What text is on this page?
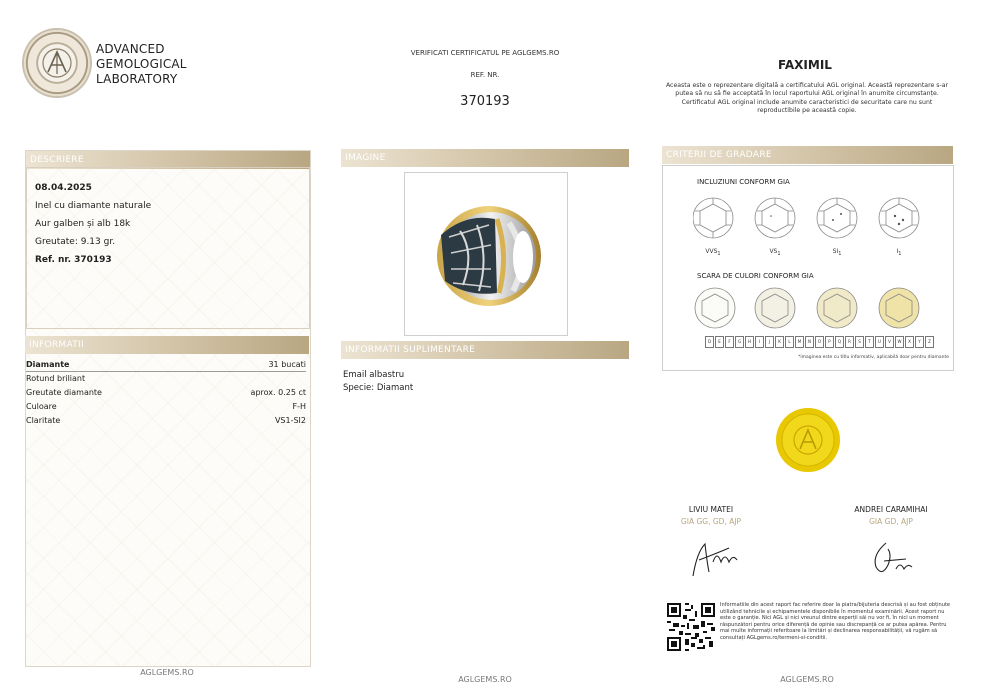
ADVANCED
GEMOLOGICAL
LABORATORY
VERIFICATI CERTIFICATUL PE AGLGEMS.RO
REF. NR.
370193
FAXIMIL
Aceasta este o reprezentare digitală a certificatului AGL original. Această reprezentare s-ar putea să nu să fie acceptată în locul raportului AGL original în anumite circumstanțe. Certificatul AGL original include anumite caracteristici de securitate care nu sunt reproductibile pe această copie.
DESCRIERE
08.04.2025
Inel cu diamante naturale
Aur galben și alb 18k
Greutate: 9.13 gr.
Ref. nr. 370193
INFORMATII
Diamante	31 bucati
Rotund briliant
Greutate diamante	aprox. 0.25 ct
Culoare	F-H
Claritate	VS1-SI2
IMAGINE
INFORMATII SUPLIMENTARE
Email albastru
Specie: Diamant
CRITERII DE GRADARE
INCLUZIUNI CONFORM GIA
$VVS_1$	$VS_1$	$SI_1$	$I_1$
SCARA DE CULORI CONFORM GIA
D	E	F	G	H	I	J	K	L	M	N	O	P	Q	R	S	T	U	V	W	X	Y	Z
*imaginea este cu titlu informativ, aplicabilă doar pentru diamante
LIVIU MATEI
GIA GG, GD, AJP
ANDREI CARAMIHAI
GIA GD, AJP
Informatiile din acest raport fac referire doar la piatra/bijuteria descrisă și au fost obținute utilizând tehnicile și echipamentele disponibile în momentul examinării. Acest raport nu este o garanție. Nici AGL și nici vreunul dintre experții săi nu vor fi, în nici un moment răspunzători pentru orice diferență de opinie sau discrepanță ce ar putea apărea. Pentru mai multe informații referitoare la limitări și declinarea responsabilității, vă rugăm să consultați AGLgems.ro/termeni-si-conditii.
AGLGEMS.RO
AGLGEMS.RO	AGLGEMS.RO
